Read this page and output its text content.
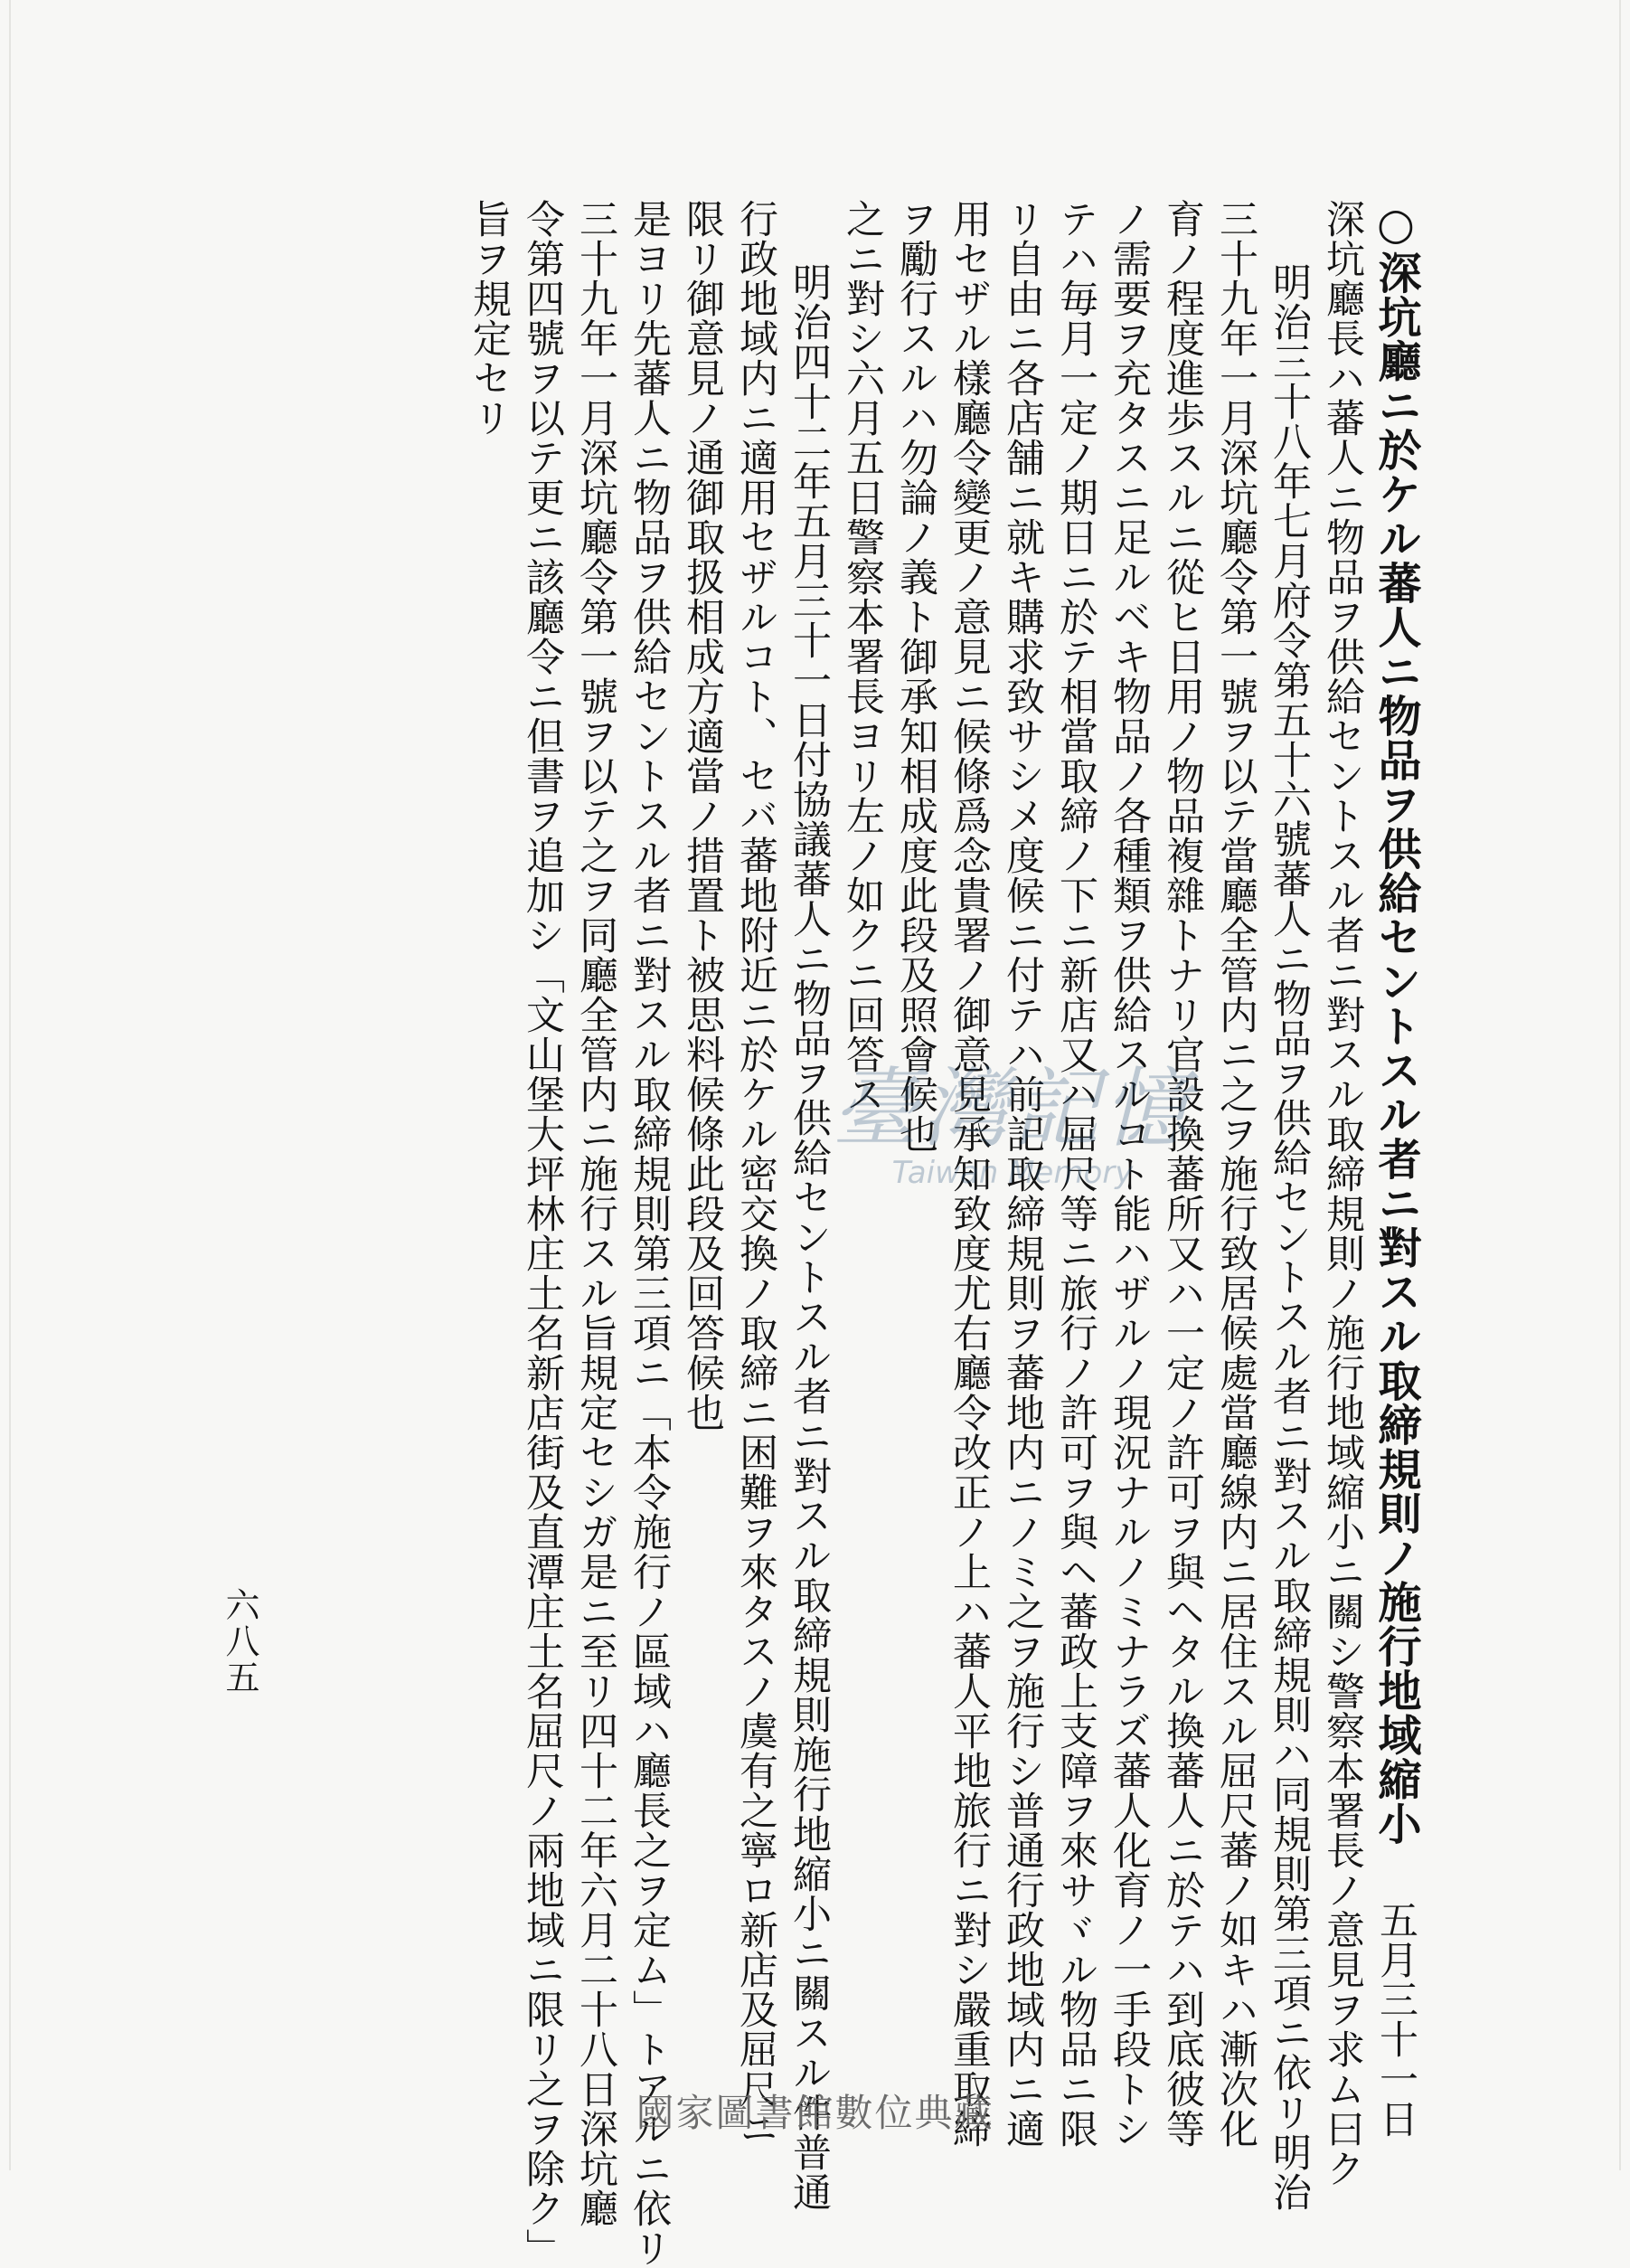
○深坑廳ニ於ケル蕃人ニ物品ヲ供給セントスル者ニ對スル取締規則ノ施行地域縮小五月三十一日
深坑廳長ハ蕃人ニ物品ヲ供給セントスル者ニ對スル取締規則ノ施行地域縮小ニ關シ警察本署長ノ意見ヲ求ム曰ク
明治三十八年七月府令第五十六號蕃人ニ物品ヲ供給セントスル者ニ對スル取締規則ハ同規則第三項ニ依リ明治
三十九年一月深坑廳令第一號ヲ以テ當廳全管内ニ之ヲ施行致居候處當廳線内ニ居住スル屈尺蕃ノ如キハ漸次化
育ノ程度進歩スルニ從ヒ日用ノ物品複雜トナリ官設換蕃所又ハ一定ノ許可ヲ與ヘタル換蕃人ニ於テハ到底彼等
ノ需要ヲ充タスニ足ルベキ物品ノ各種類ヲ供給スルコト能ハザルノ現況ナルノミナラズ蕃人化育ノ一手段トシ
テハ毎月一定ノ期日ニ於テ相當取締ノ下ニ新店又ハ屈尺等ニ旅行ノ許可ヲ與ヘ蕃政上支障ヲ來サヾル物品ニ限
リ自由ニ各店舗ニ就キ購求致サシメ度候ニ付テハ前記取締規則ヲ蕃地内ニノミ之ヲ施行シ普通行政地域内ニ適
用セザル樣廳令變更ノ意見ニ候條爲念貴署ノ御意見承知致度尤右廳令改正ノ上ハ蕃人平地旅行ニ對シ嚴重取締
ヲ勵行スルハ勿論ノ義ト御承知相成度此段及照會候也
之ニ對シ六月五日警察本署長ヨリ左ノ如クニ回答ス
明治四十二年五月三十一日付協議蕃人ニ物品ヲ供給セントスル者ニ對スル取締規則施行地縮小ニ關スル件普通
行政地域内ニ適用セザルコト、セバ蕃地附近ニ於ケル密交換ノ取締ニ困難ヲ來タスノ虞有之寧ロ新店及屈尺ニ
限リ御意見ノ通御取扱相成方適當ノ措置ト被思料候條此段及回答候也
是ヨリ先蕃人ニ物品ヲ供給セントスル者ニ對スル取締規則第三項ニ「本令施行ノ區域ハ廳長之ヲ定ム」トアルニ依リ
三十九年一月深坑廳令第一號ヲ以テ之ヲ同廳全管内ニ施行スル旨規定セシガ是ニ至リ四十二年六月二十八日深坑廳
令第四號ヲ以テ更ニ該廳令ニ但書ヲ追加シ「文山堡大坪林庄土名新店街及直潭庄土名屈尺ノ兩地域ニ限リ之ヲ除ク」
旨ヲ規定セリ
六八五
臺灣記憶
Taiwan Memory
國家圖書館數位典藏
